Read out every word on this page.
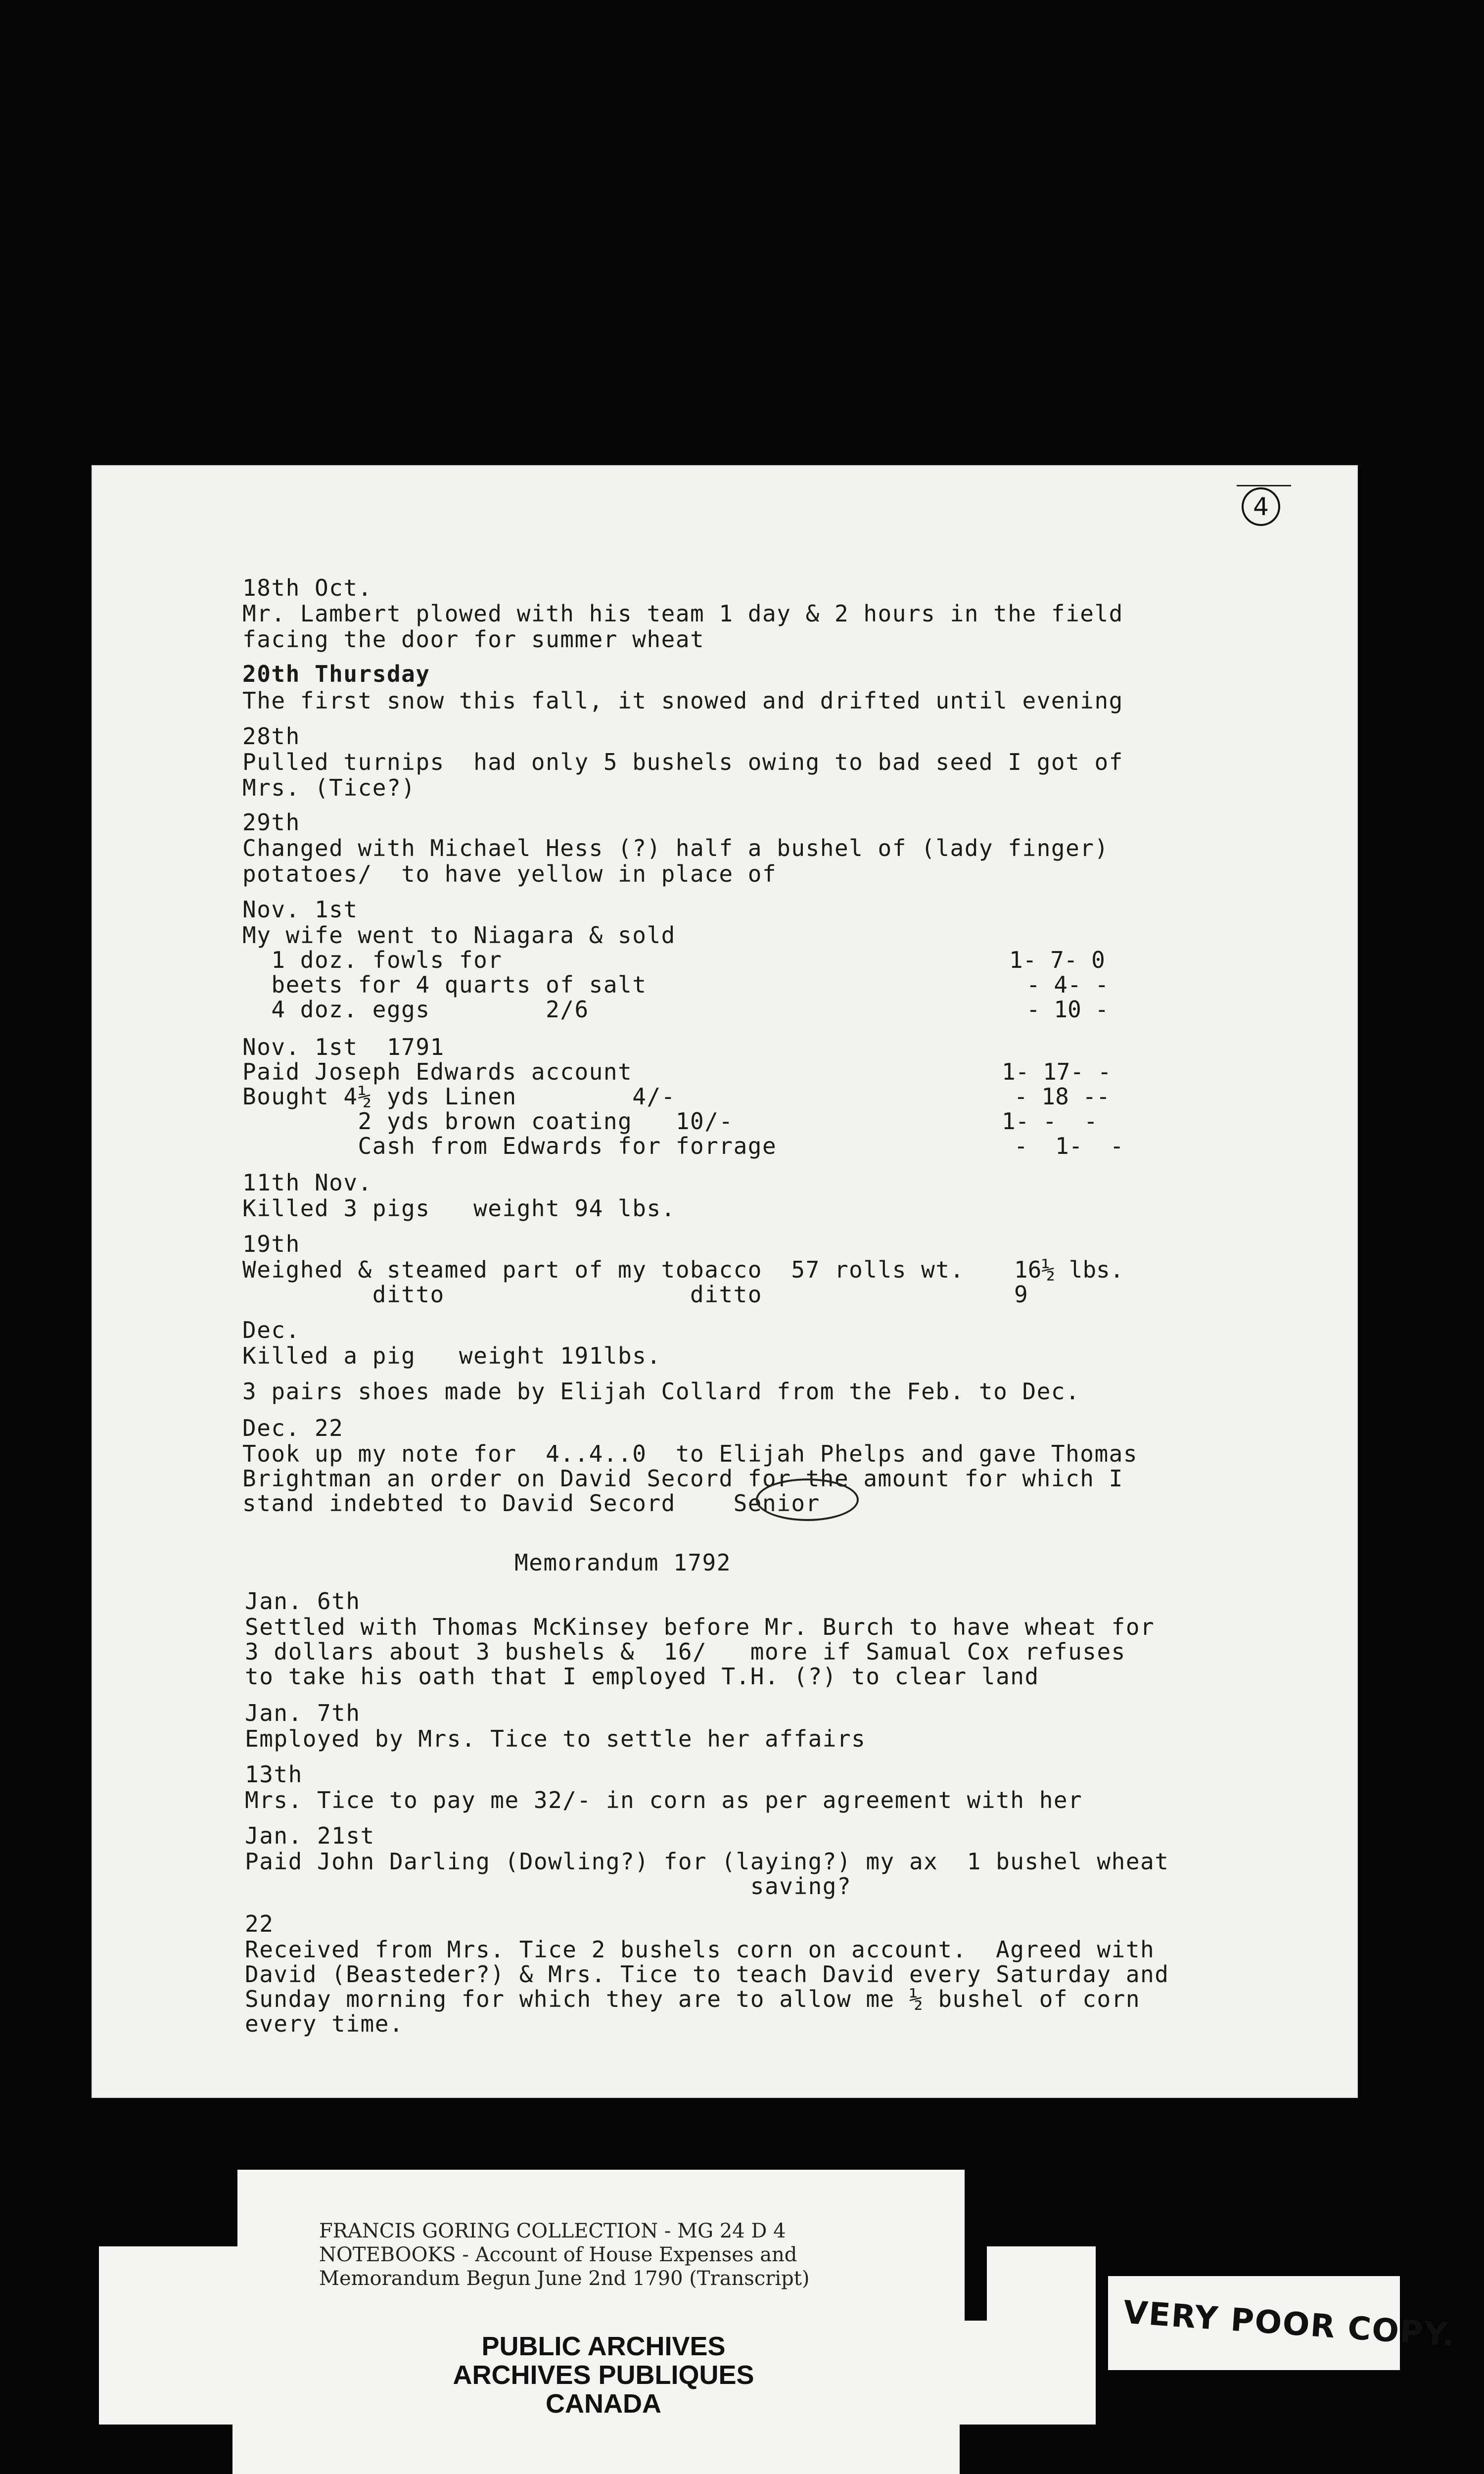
4
18th Oct.
Mr. Lambert plowed with his team 1 day & 2 hours in the field
facing the door for summer wheat
20th Thursday
The first snow this fall, it snowed and drifted until evening
28th
Pulled turnips  had only 5 bushels owing to bad seed I got of
Mrs. (Tice?)
29th
Changed with Michael Hess (?) half a bushel of (lady finger)
potatoes/  to have yellow in place of
Nov. 1st
My wife went to Niagara & sold
1 doz. fowls for
beets for 4 quarts of salt
4 doz. eggs        2/6
Nov. 1st  1791
Paid Joseph Edwards account
Bought 4½ yds Linen        4/-
2 yds brown coating   10/-
Cash from Edwards for forrage
11th Nov.
Killed 3 pigs   weight 94 lbs.
19th
Weighed & steamed part of my tobacco  57 rolls wt.
ditto                 ditto
Dec.
Killed a pig   weight 191lbs.
3 pairs shoes made by Elijah Collard from the Feb. to Dec.
Dec. 22
Took up my note for  4..4..0  to Elijah Phelps and gave Thomas
Brightman an order on David Secord for the amount for which I
stand indebted to David Secord    Senior
Memorandum 1792
Jan. 6th
Settled with Thomas McKinsey before Mr. Burch to have wheat for
3 dollars about 3 bushels &  16/   more if Samual Cox refuses
to take his oath that I employed T.H. (?) to clear land
Jan. 7th
Employed by Mrs. Tice to settle her affairs
13th
Mrs. Tice to pay me 32/- in corn as per agreement with her
Jan. 21st
Paid John Darling (Dowling?) for (laying?) my ax  1 bushel wheat
saving?
22
Received from Mrs. Tice 2 bushels corn on account.  Agreed with
David (Beasteder?) & Mrs. Tice to teach David every Saturday and
Sunday morning for which they are to allow me ½ bushel of corn
every time.
1- 7- 0
- 4- -
- 10 -
1- 17- -
- 18 --
1- -  -
-  1-  -
16½ lbs.
9
FRANCIS GORING COLLECTION - MG 24 D 4
NOTEBOOKS - Account of House Expenses and
Memorandum Begun June 2nd 1790 (Transcript)
PUBLIC ARCHIVES
ARCHIVES PUBLIQUES
CANADA
VERY POOR COPY.
